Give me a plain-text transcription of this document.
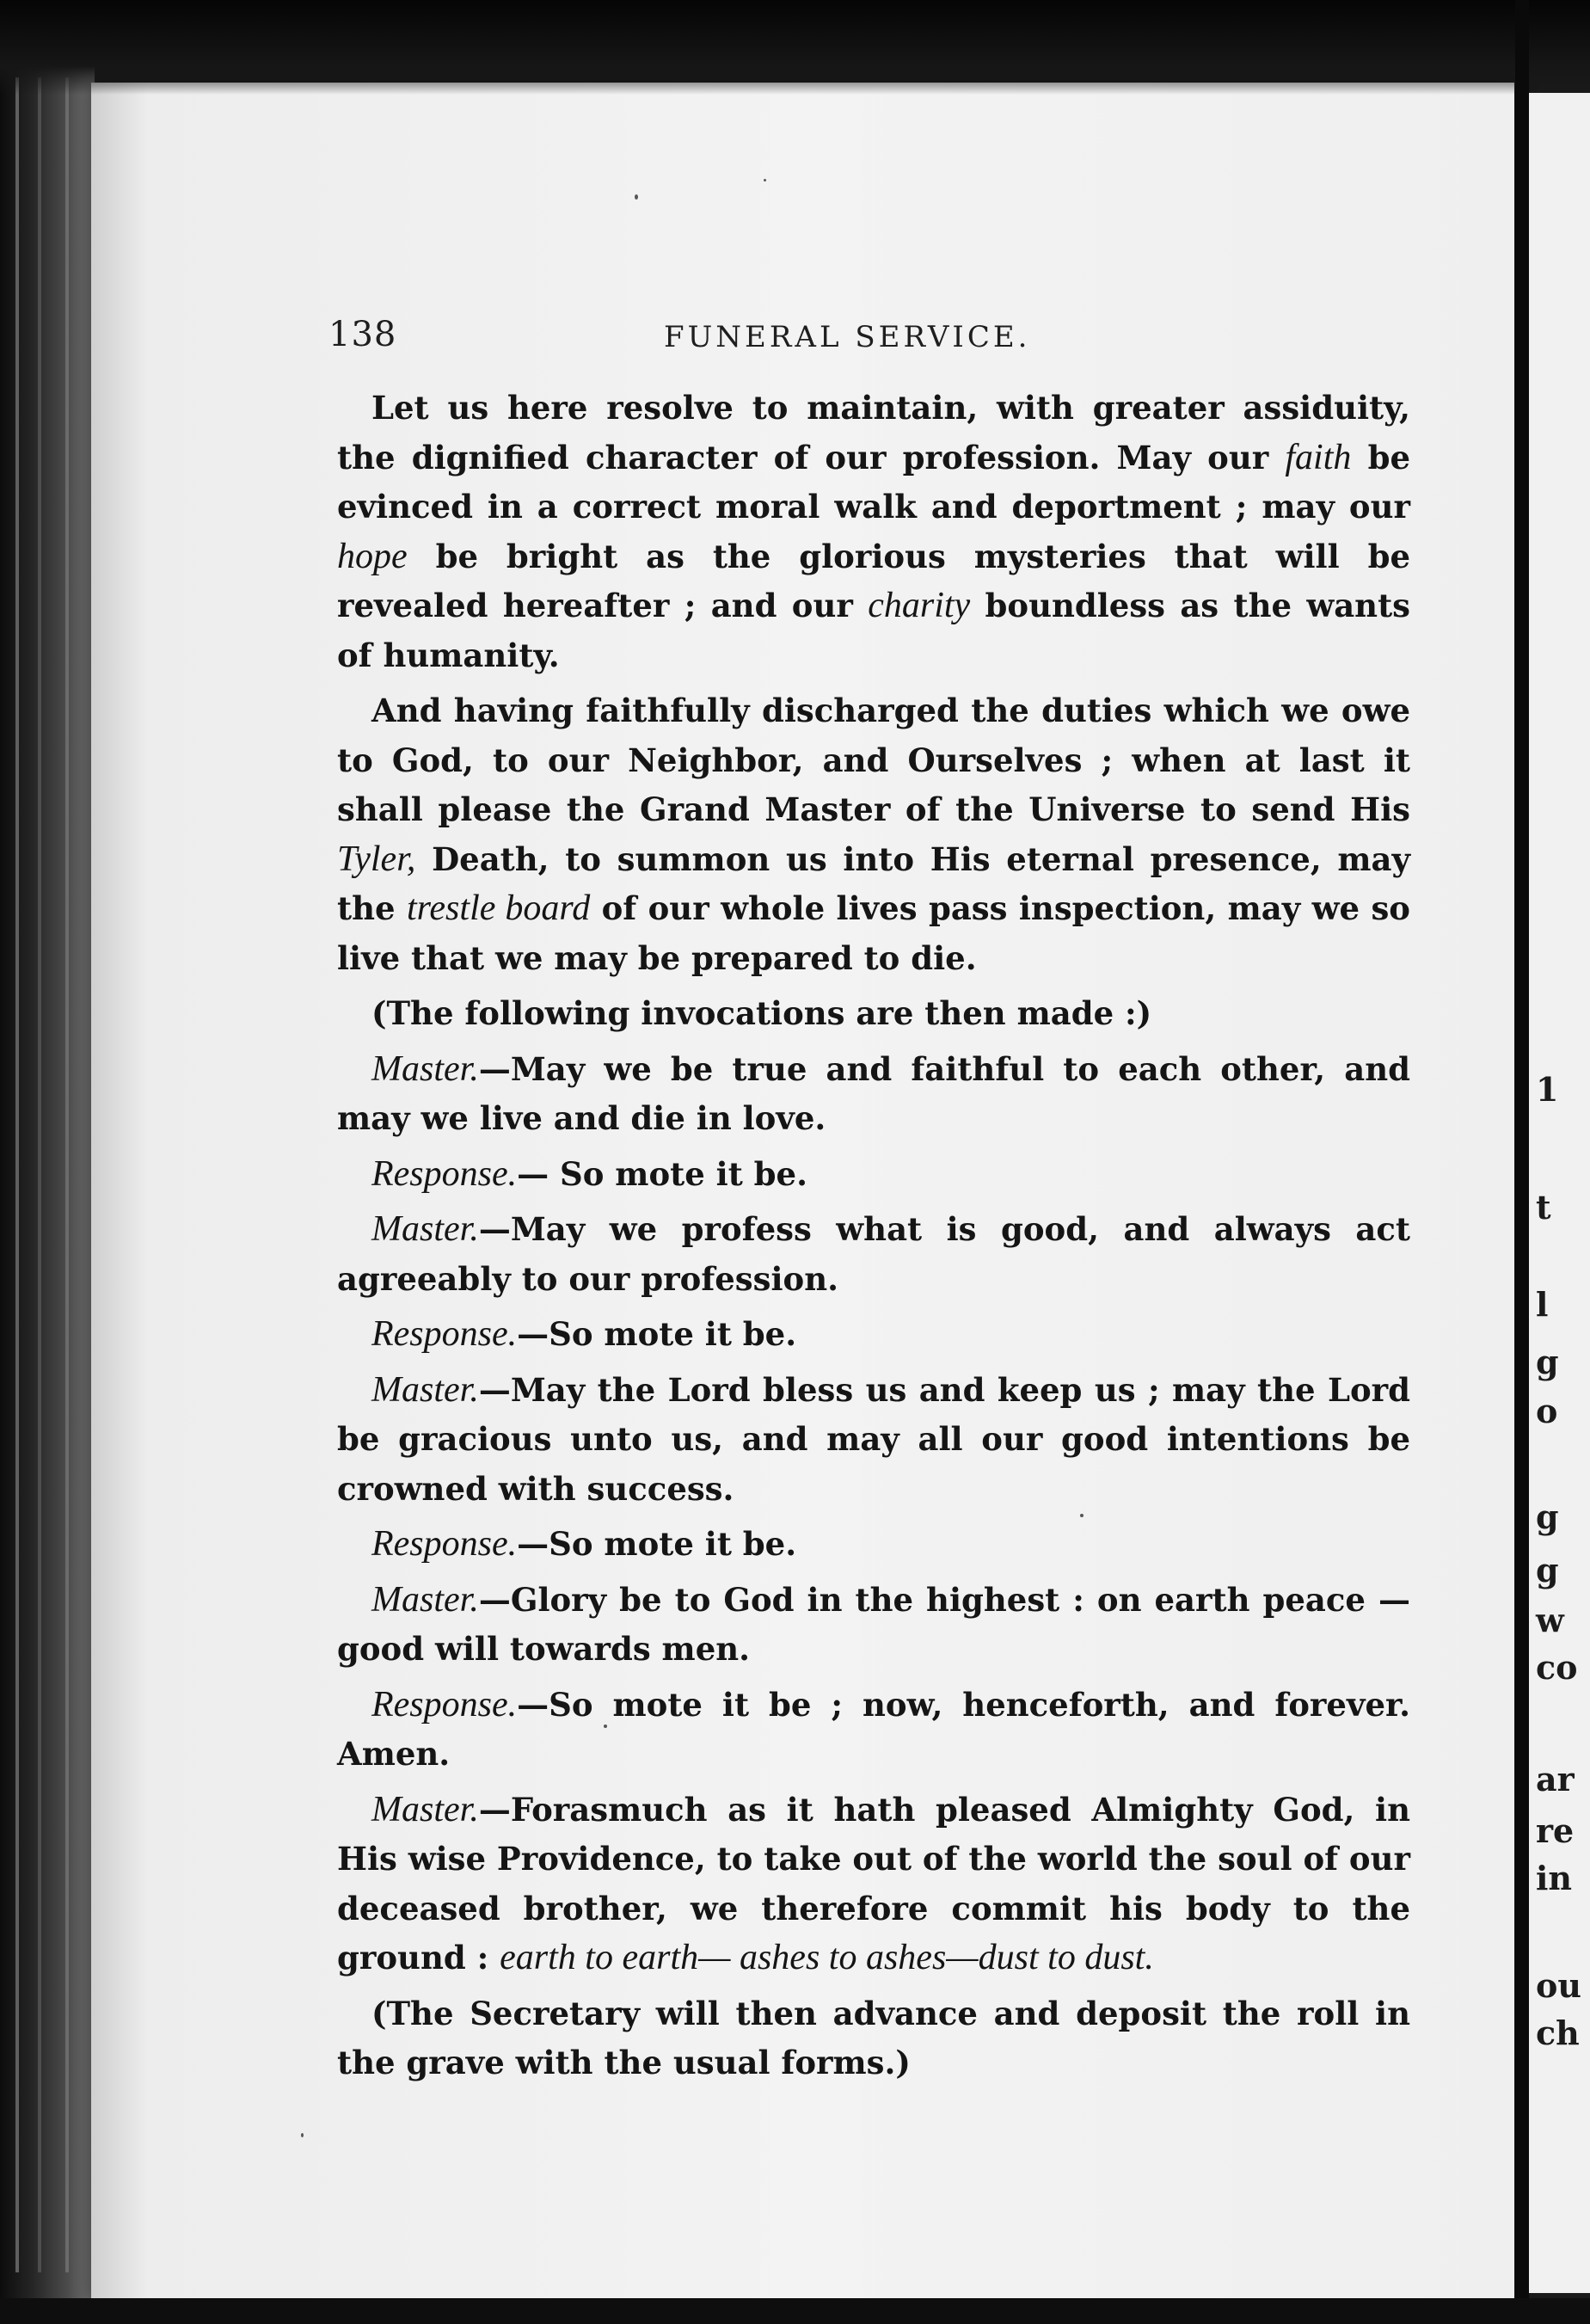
1
t
l
g
o
g
g
w
co
ar
re
in
ou
ch
138	FUNERAL SERVICE.

Let us here resolve to maintain, with greater assiduity, the dignified character of our profession. May our faith be evinced in a correct moral walk and deportment ; may our hope be bright as the glorious mysteries that will be revealed hereafter ; and our charity boundless as the wants of humanity.

And having faithfully discharged the duties which we owe to God, to our Neighbor, and Ourselves ; when at last it shall please the Grand Master of the Universe to send His Tyler, Death, to summon us into His eternal presence, may the trestle board of our whole lives pass inspection, may we so live that we may be prepared to die.

(The following invocations are then made :)

Master.—May we be true and faithful to each other, and may we live and die in love.

Response.— So mote it be.

Master.—May we profess what is good, and always act agreeably to our profession.

Response.—So mote it be.

Master.—May the Lord bless us and keep us ; may the Lord be gracious unto us, and may all our good intentions be crowned with success.

Response.—So mote it be.

Master.—Glory be to God in the highest : on earth peace —good will towards men.

Response.—So mote it be ; now, henceforth, and forever. Amen.

Master.—Forasmuch as it hath pleased Almighty God, in His wise Providence, to take out of the world the soul of our deceased brother, we therefore commit his body to the ground : earth to earth— ashes to ashes—dust to dust.

(The Secretary will then advance and deposit the roll in the grave with the usual forms.)
